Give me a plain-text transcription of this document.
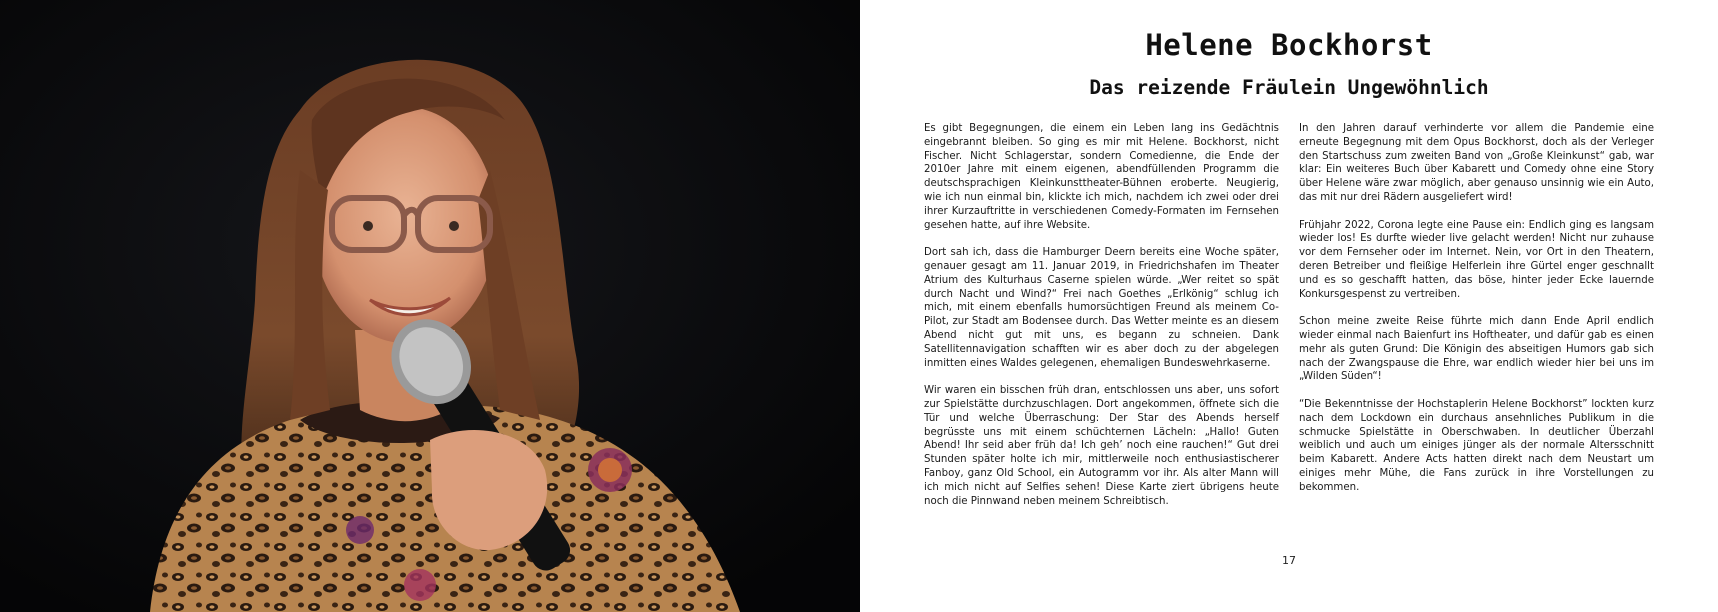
Helene Bockhorst
Das reizende Fräulein Ungewöhnlich

Es gibt Begegnungen, die einem ein Leben lang ins Gedächtnis eingebrannt bleiben. So ging es mir mit Helene. Bockhorst, nicht Fischer. Nicht Schlagerstar, sondern Comedienne, die Ende der 2010er Jahre mit einem eigenen, abendfüllenden Programm die deutschsprachigen Kleinkunsttheater-Bühnen eroberte. Neugierig, wie ich nun einmal bin, klickte ich mich, nachdem ich zwei oder drei ihrer Kurzauftritte in verschiedenen Comedy-Formaten im Fernsehen gesehen hatte, auf ihre Website.

Dort sah ich, dass die Hamburger Deern bereits eine Woche später, genauer gesagt am 11. Januar 2019, in Friedrichshafen im Theater Atrium des Kulturhaus Caserne spielen würde. „Wer reitet so spät durch Nacht und Wind?“ Frei nach Goethes „Erlkönig“ schlug ich mich, mit einem ebenfalls humorsüchtigen Freund als meinem Co-Pilot, zur Stadt am Bodensee durch. Das Wetter meinte es an diesem Abend nicht gut mit uns, es begann zu schneien. Dank Satellitennavigation schafften wir es aber doch zu der abgelegen inmitten eines Waldes gelegenen, ehemaligen Bundeswehrkaserne.

Wir waren ein bisschen früh dran, entschlossen uns aber, uns sofort zur Spielstätte durchzuschlagen. Dort angekommen, öffnete sich die Tür und welche Überraschung: Der Star des Abends herself begrüsste uns mit einem schüchternen Lächeln: „Hallo! Guten Abend! Ihr seid aber früh da! Ich geh’ noch eine rauchen!“ Gut drei Stunden später holte ich mir, mittlerweile noch enthusiastischerer Fanboy, ganz Old School, ein Autogramm vor ihr. Als alter Mann will ich mich nicht auf Selfies sehen! Diese Karte ziert übrigens heute noch die Pinnwand neben meinem Schreibtisch.

In den Jahren darauf verhinderte vor allem die Pandemie eine erneute Begegnung mit dem Opus Bockhorst, doch als der Verleger den Startschuss zum zweiten Band von „Große Kleinkunst“ gab, war klar: Ein weiteres Buch über Kabarett und Comedy ohne eine Story über Helene wäre zwar möglich, aber genauso unsinnig wie ein Auto, das mit nur drei Rädern ausgeliefert wird!

Frühjahr 2022, Corona legte eine Pause ein: Endlich ging es langsam wieder los! Es durfte wieder live gelacht werden! Nicht nur zuhause vor dem Fernseher oder im Internet. Nein, vor Ort in den Theatern, deren Betreiber und fleißige Helferlein ihre Gürtel enger geschnallt und es so geschafft hatten, das böse, hinter jeder Ecke lauernde Konkursgespenst zu vertreiben.

Schon meine zweite Reise führte mich dann Ende April endlich wieder einmal nach Baienfurt ins Hoftheater, und dafür gab es einen mehr als guten Grund: Die Königin des abseitigen Humors gab sich nach der Zwangspause die Ehre, war endlich wieder hier bei uns im „Wilden Süden“!

“Die Bekenntnisse der Hochstaplerin Helene Bockhorst” lockten kurz nach dem Lockdown ein durchaus ansehnliches Publikum in die schmucke Spielstätte in Oberschwaben. In deutlicher Überzahl weiblich und auch um einiges jünger als der normale Altersschnitt beim Kabarett. Andere Acts hatten direkt nach dem Neustart um einiges mehr Mühe, die Fans zurück in ihre Vorstellungen zu bekommen.

17
